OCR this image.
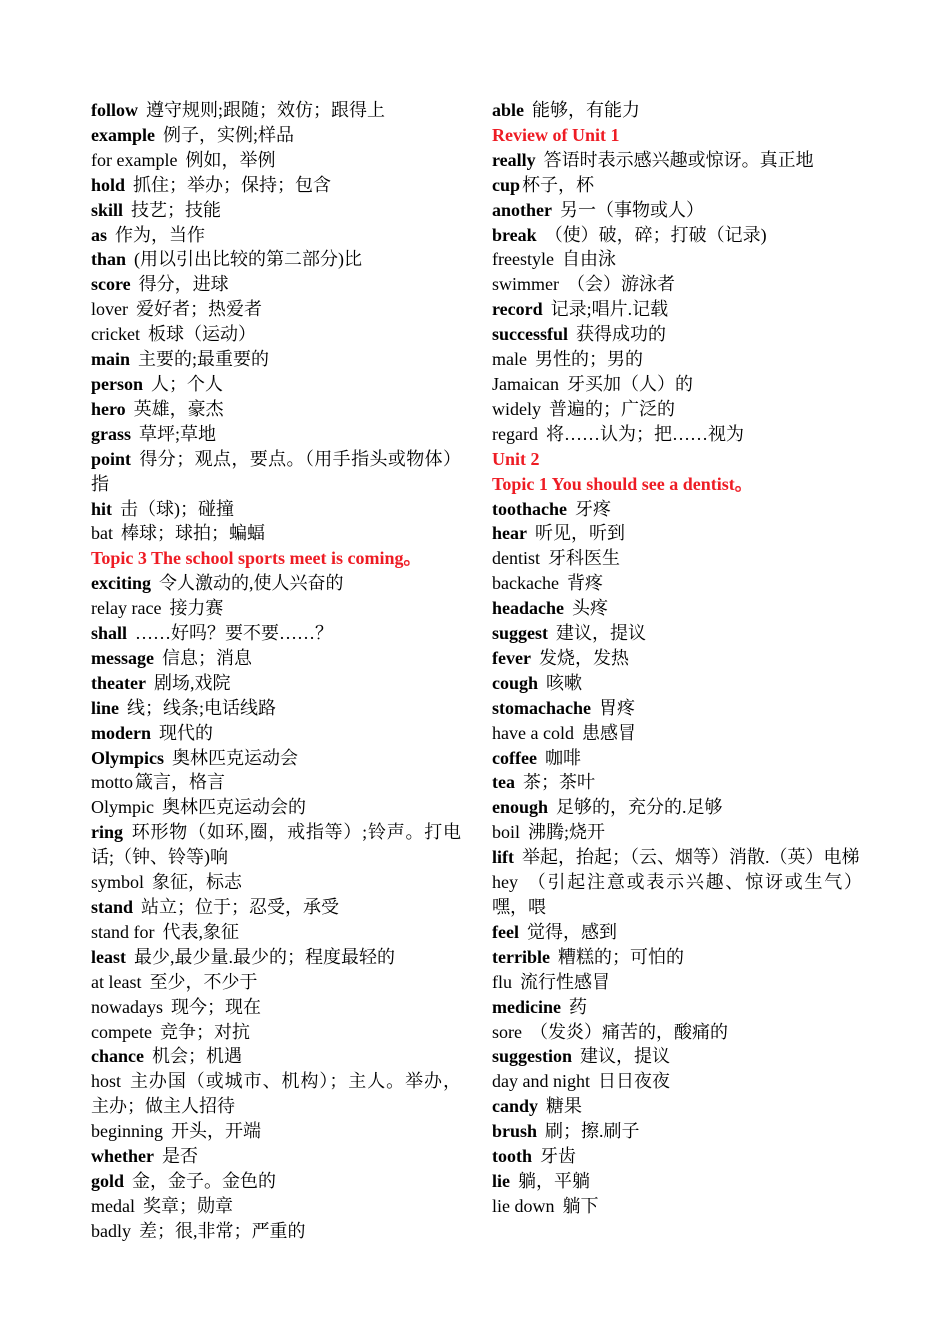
follow 遵守规则;跟随；效仿；跟得上

example 例子，实例;样品

for example 例如，举例

hold 抓住；举办；保持；包含

skill 技艺；技能

as 作为，当作

than (用以引出比较的第二部分)比

score 得分，进球

lover 爱好者；热爱者

cricket 板球（运动）

main 主要的;最重要的

person 人；个人

hero 英雄，豪杰

grass 草坪;草地

point 得分；观点，要点。（用手指头或物体）指

hit 击（球)；碰撞

bat 棒球；球拍；蝙蝠

Topic 3 The school sports meet is coming。

exciting 令人激动的,使人兴奋的

relay race 接力赛

shall ……好吗？要不要……？

message 信息；消息

theater 剧场,戏院

line 线；线条;电话线路

modern 现代的

Olympics 奥林匹克运动会

motto 箴言，格言

Olympic 奥林匹克运动会的

ring 环形物（如环,圈，戒指等）;铃声。打电话;（钟、铃等)响

symbol 象征，标志

stand 站立；位于；忍受，承受

stand for 代表,象征

least 最少,最少量.最少的；程度最轻的

at least 至少，不少于

nowadays 现今；现在

compete 竞争；对抗

chance 机会；机遇

host 主办国（或城市、机构）；主人。举办，主办；做主人招待

beginning 开头，开端

whether 是否

gold 金，金子。金色的

medal 奖章；勋章

badly 差；很,非常；严重的

able 能够，有能力

Review of Unit 1

really 答语时表示感兴趣或惊讶。真正地

cup 杯子，杯

another 另一（事物或人）

break （使）破，碎；打破（记录)

freestyle 自由泳

swimmer （会）游泳者

record 记录;唱片.记载

successful 获得成功的

male 男性的；男的

Jamaican 牙买加（人）的

widely 普遍的；广泛的

regard 将……认为；把……视为

Unit 2

Topic 1 You should see a dentist。

toothache 牙疼

hear 听见，听到

dentist 牙科医生

backache 背疼

headache 头疼

suggest 建议，提议

fever 发烧，发热

cough 咳嗽

stomachache 胃疼

have a cold 患感冒

coffee 咖啡

tea 茶；茶叶

enough 足够的，充分的.足够

boil 沸腾;烧开

lift 举起，抬起；（云、烟等）消散.（英）电梯

hey （引起注意或表示兴趣、惊讶或生气）嘿，喂

feel 觉得，感到

terrible 糟糕的；可怕的

flu 流行性感冒

medicine 药

sore （发炎）痛苦的，酸痛的

suggestion 建议，提议

day and night 日日夜夜

candy 糖果

brush 刷；擦.刷子

tooth 牙齿

lie 躺，平躺

lie down 躺下
